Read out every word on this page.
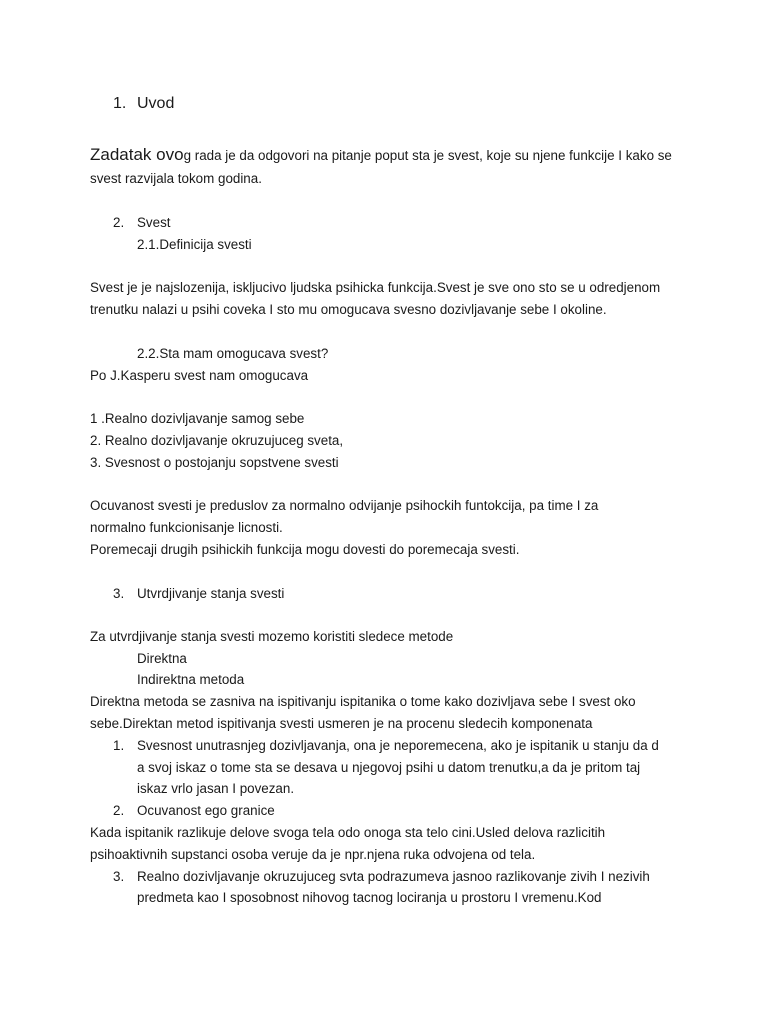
1. Uvod
Zadatak ovog rada je da odgovori na pitanje poput sta je svest, koje su njene funkcije I kako se
svest razvijala tokom godina.
2. Svest
2.1.Definicija svesti
Svest je je najslozenija, iskljucivo ljudska psihicka funkcija.Svest je sve ono sto se u odredjenom
trenutku nalazi u psihi coveka I sto mu omogucava svesno dozivljavanje sebe I okoline.
2.2.Sta mam omogucava svest?
Po J.Kasperu svest nam omogucava
1 .Realno dozivljavanje samog sebe
2. Realno dozivljavanje okruzujuceg sveta,
3. Svesnost o postojanju sopstvene svesti
Ocuvanost svesti je preduslov za normalno odvijanje psihockih funtokcija, pa time I za
normalno funkcionisanje licnosti.
Poremecaji drugih psihickih funkcija mogu dovesti do poremecaja svesti.
3. Utvrdjivanje stanja svesti
Za utvrdjivanje stanja svesti mozemo koristiti sledece metode
Direktna
Indirektna metoda
Direktna metoda se zasniva na ispitivanju ispitanika o tome kako dozivljava sebe I svest oko
sebe.Direktan metod ispitivanja svesti usmeren je na procenu sledecih komponenata
1. Svesnost unutrasnjeg dozivljavanja, ona je neporemecena, ako je ispitanik u stanju da d
a svoj iskaz o tome sta se desava u njegovoj psihi u datom trenutku,a da je pritom taj
iskaz vrlo jasan I povezan.
2. Ocuvanost ego granice
Kada ispitanik razlikuje delove svoga tela odo onoga sta telo cini.Usled delova razlicitih
psihoaktivnih supstanci osoba veruje da je npr.njena ruka odvojena od tela.
3. Realno dozivljavanje okruzujuceg svta podrazumeva jasnoo razlikovanje zivih I nezivih
predmeta kao I sposobnost nihovog tacnog lociranja u prostoru I vremenu.Kod
